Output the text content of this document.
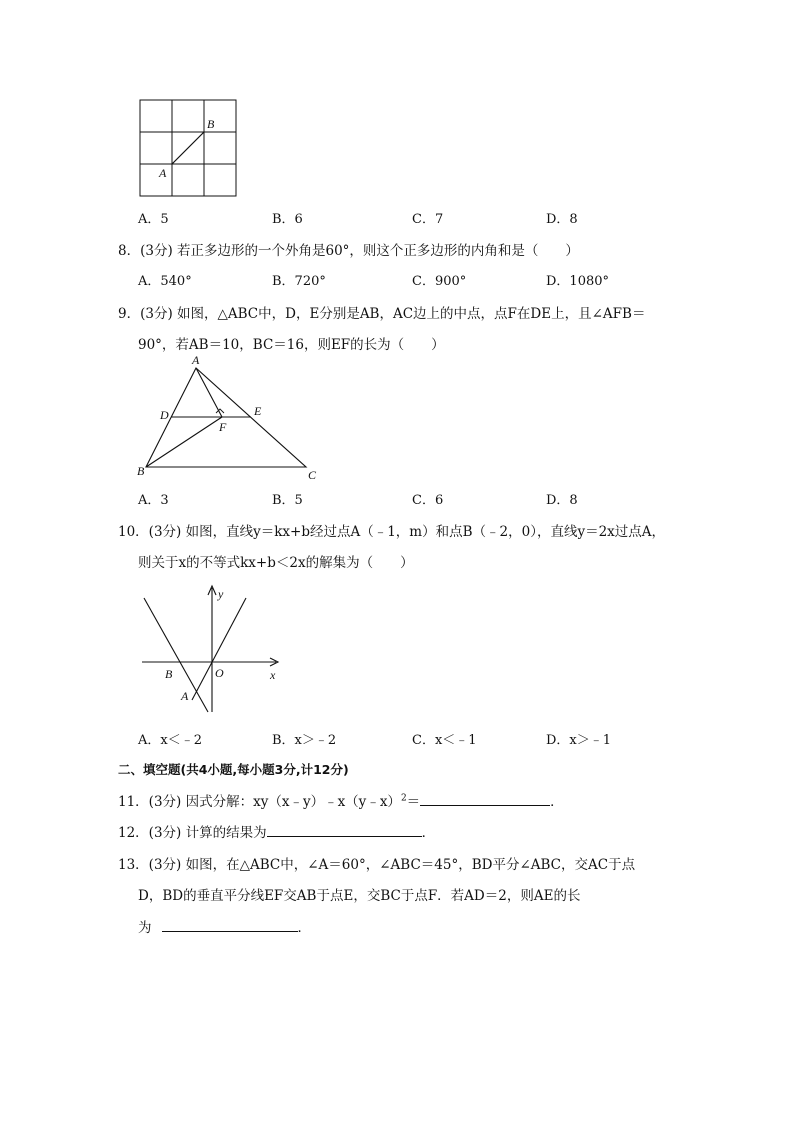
B
A
A．5	B．6	C．7	D．8
8．(3分) 若正多边形的一个外角是60°，则这个正多边形的内角和是（　　）
A．540°	B．720°	C．900°	D．1080°
9．(3分) 如图，△ABC中，D，E分别是AB，AC边上的中点，点F在DE上，且∠AFB＝
90°，若AB＝10，BC＝16，则EF的长为（　　）
A
D	E
F
B	C
A．3	B．5	C．6	D．8
10．(3分) 如图，直线y＝kx+b经过点A（﹣1，m）和点B（﹣2，0），直线y＝2x过点A，
则关于x的不等式kx+b＜2x的解集为（　　）
y
x
O
B
A
A．x＜﹣2	B．x＞﹣2	C．x＜﹣1	D．x＞﹣1
二、填空题(共4小题,每小题3分,计12分)
11．(3分) 因式分解：xy（x﹣y）﹣x（y﹣x）$^2$＝	．
12．(3分) 计算的结果为	．
13．(3分) 如图，在△ABC中，∠A＝60°，∠ABC＝45°，BD平分∠ABC，交AC于点
D，BD的垂直平分线EF交AB于点E，交BC于点F．若AD＝2，则AE的长
为	．
